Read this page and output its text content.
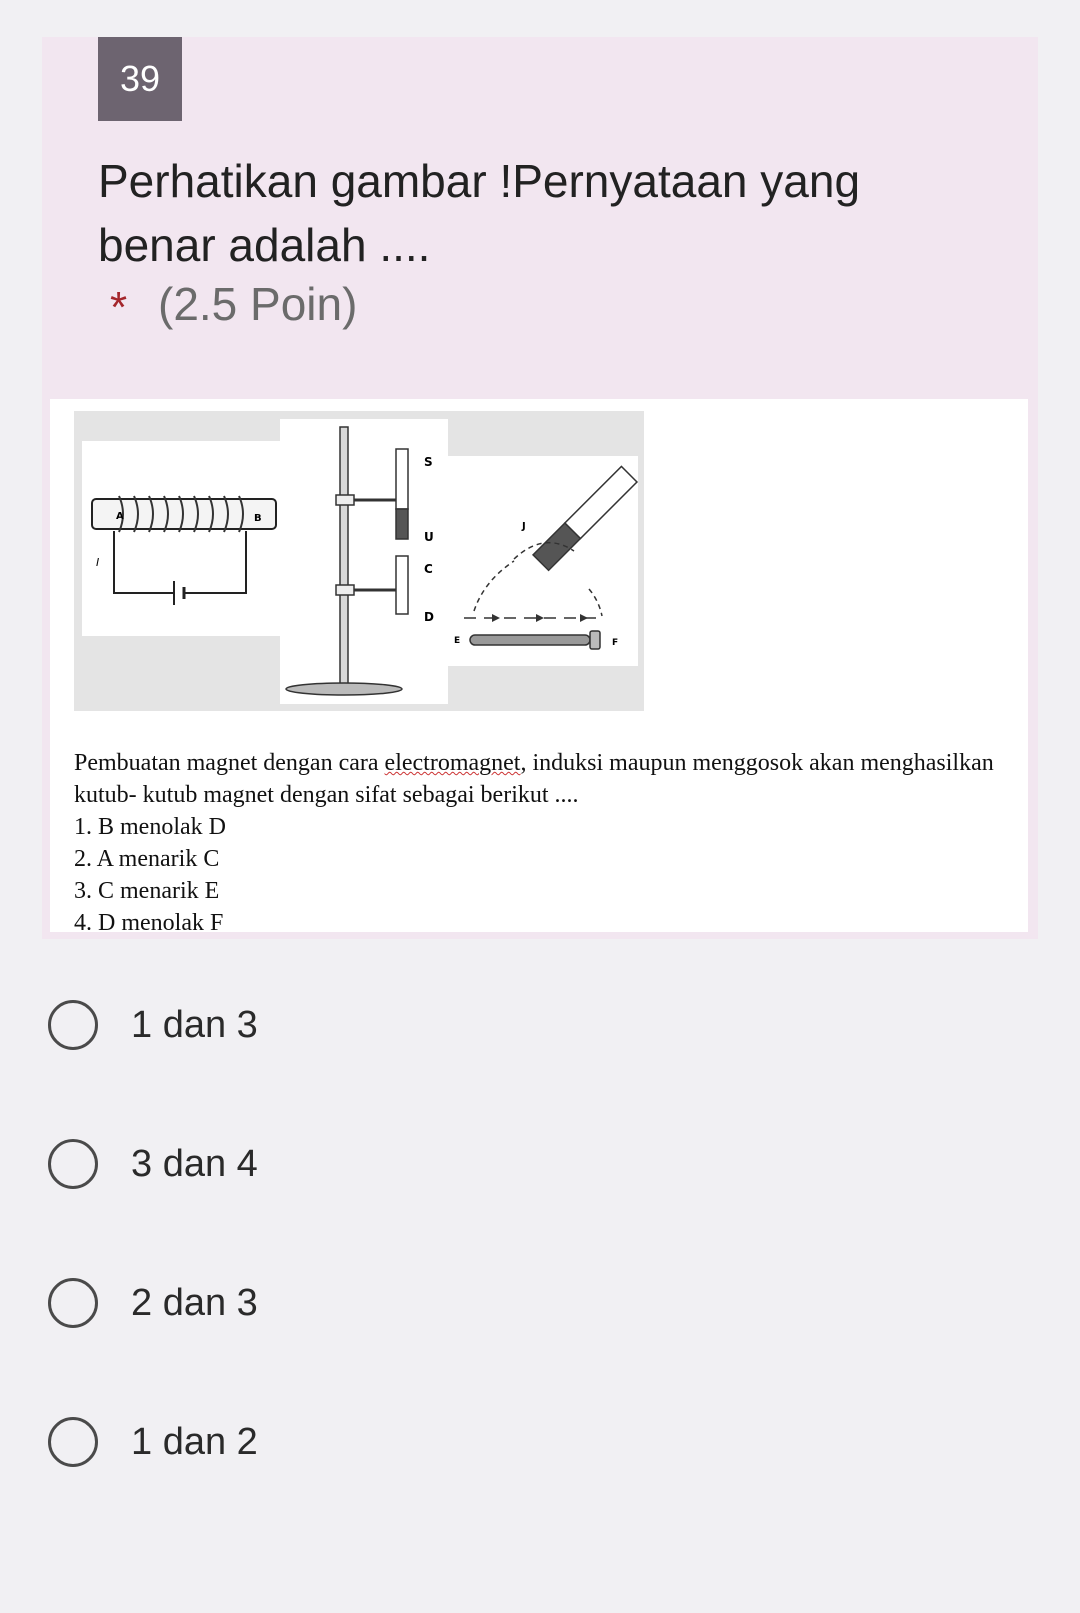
39
Perhatikan gambar !Pernyataan yang benar adalah ....
* (2.5 Poin)
A	B
I
S
U
C
D
J
E	F

Pembuatan magnet dengan cara electromagnet, induksi maupun menggosok akan menghasilkan kutub- kutub magnet dengan sifat sebagai berikut ....

1. B menolak D

2. A menarik C

3. C menarik E

4. D menolak F

1 dan 3
3 dan 4
2 dan 3
1 dan 2
